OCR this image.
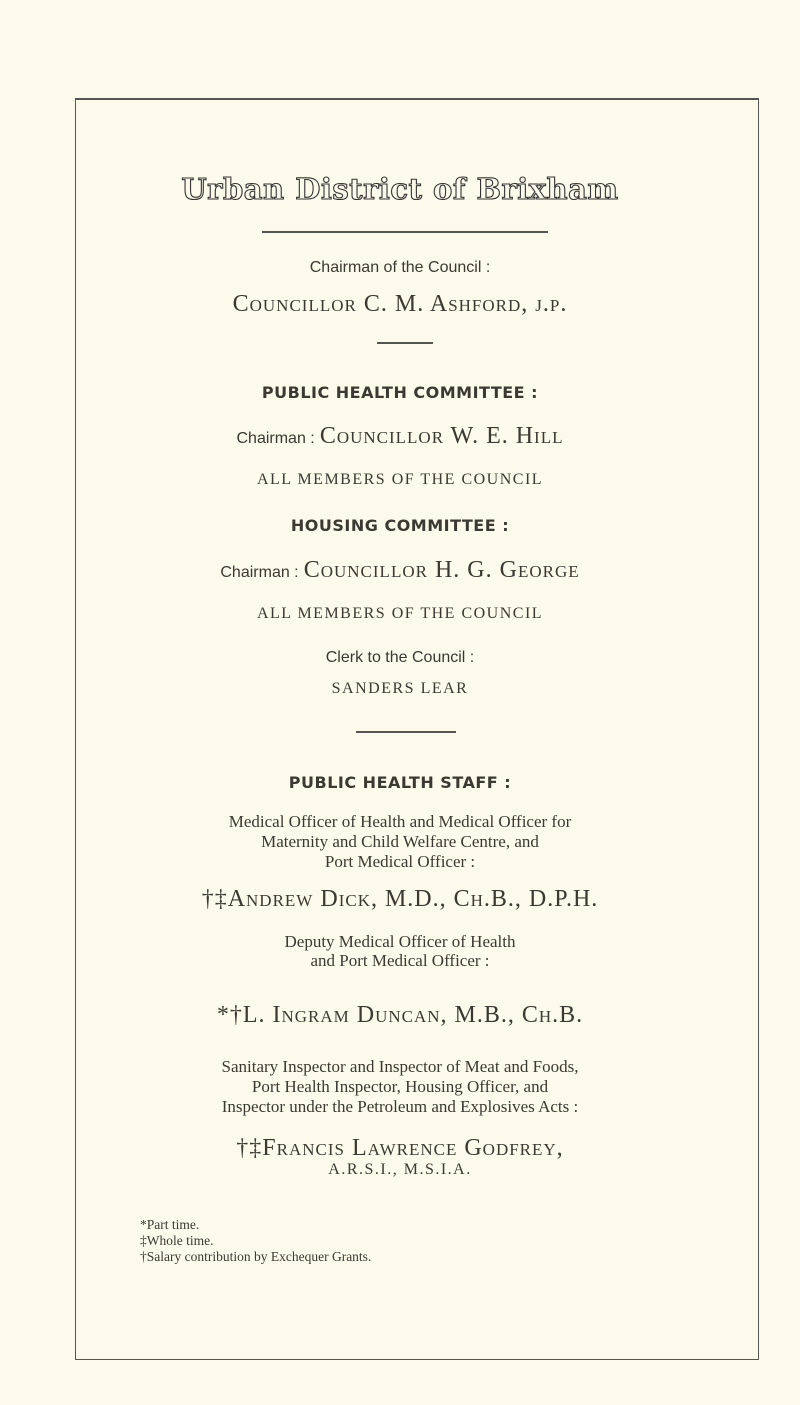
Urban District of Brixham
Chairman of the Council :
Councillor C. M. Ashford, j.p.
PUBLIC HEALTH COMMITTEE :
Chairman : Councillor W. E. Hill
ALL MEMBERS OF THE COUNCIL
HOUSING COMMITTEE :
Chairman : Councillor H. G. George
ALL MEMBERS OF THE COUNCIL
Clerk to the Council :
SANDERS LEAR
PUBLIC HEALTH STAFF :
Medical Officer of Health and Medical Officer for
Maternity and Child Welfare Centre, and
Port Medical Officer :
†‡Andrew Dick, M.D., Ch.B., D.P.H.
Deputy Medical Officer of Health
and Port Medical Officer :
*†L. Ingram Duncan, M.B., Ch.B.
Sanitary Inspector and Inspector of Meat and Foods,
Port Health Inspector, Housing Officer, and
Inspector under the Petroleum and Explosives Acts :
†‡Francis Lawrence Godfrey,
A.R.S.I., M.S.I.A.
*Part time.
‡Whole time.
†Salary contribution by Exchequer Grants.
